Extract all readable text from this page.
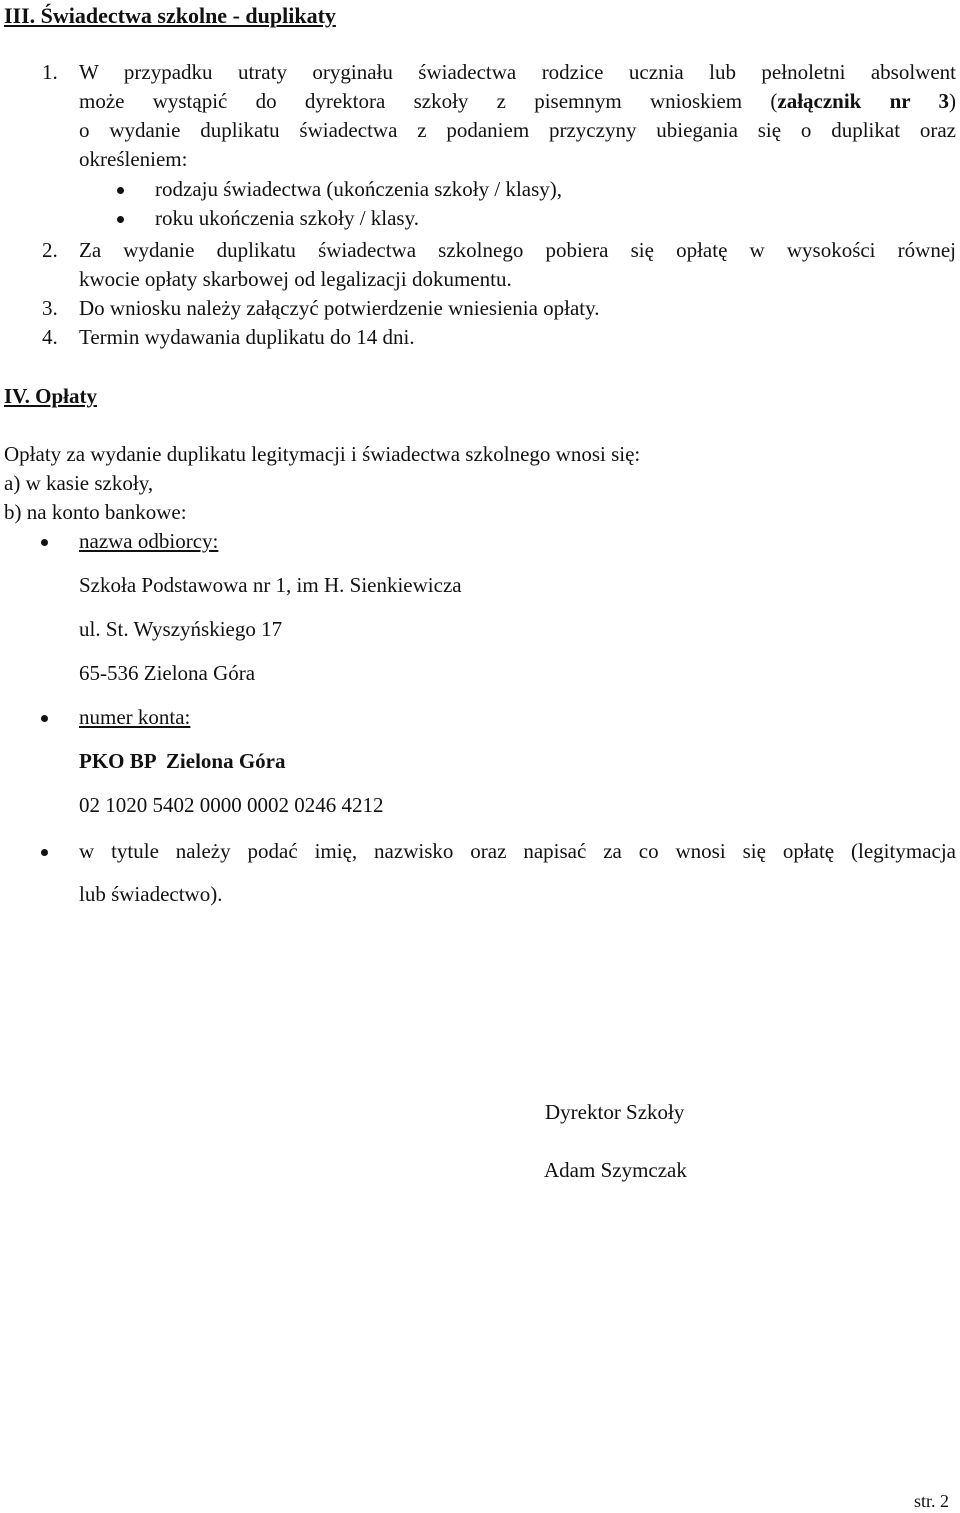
III. Świadectwa szkolne - duplikaty
1. W przypadku utraty oryginału świadectwa rodzice ucznia lub pełnoletni absolwent
może wystąpić do dyrektora szkoły z pisemnym wnioskiem (załącznik nr 3)
o wydanie duplikatu świadectwa z podaniem przyczyny ubiegania się o duplikat oraz
określeniem:
rodzaju świadectwa (ukończenia szkoły / klasy),
roku ukończenia szkoły / klasy.
2. Za wydanie duplikatu świadectwa szkolnego pobiera się opłatę w wysokości równej
kwocie opłaty skarbowej od legalizacji dokumentu.
3. Do wniosku należy załączyć potwierdzenie wniesienia opłaty.
4. Termin wydawania duplikatu do 14 dni.
IV. Opłaty
Opłaty za wydanie duplikatu legitymacji i świadectwa szkolnego wnosi się:
a) w kasie szkoły,
b) na konto bankowe:
nazwa odbiorcy:
Szkoła Podstawowa nr 1, im H. Sienkiewicza
ul. St. Wyszyńskiego 17
65-536 Zielona Góra
numer konta:
PKO BP  Zielona Góra
02 1020 5402 0000 0002 0246 4212
w tytule należy podać imię, nazwisko oraz napisać za co wnosi się opłatę (legitymacja
lub świadectwo).
Dyrektor Szkoły
Adam Szymczak
str. 2
